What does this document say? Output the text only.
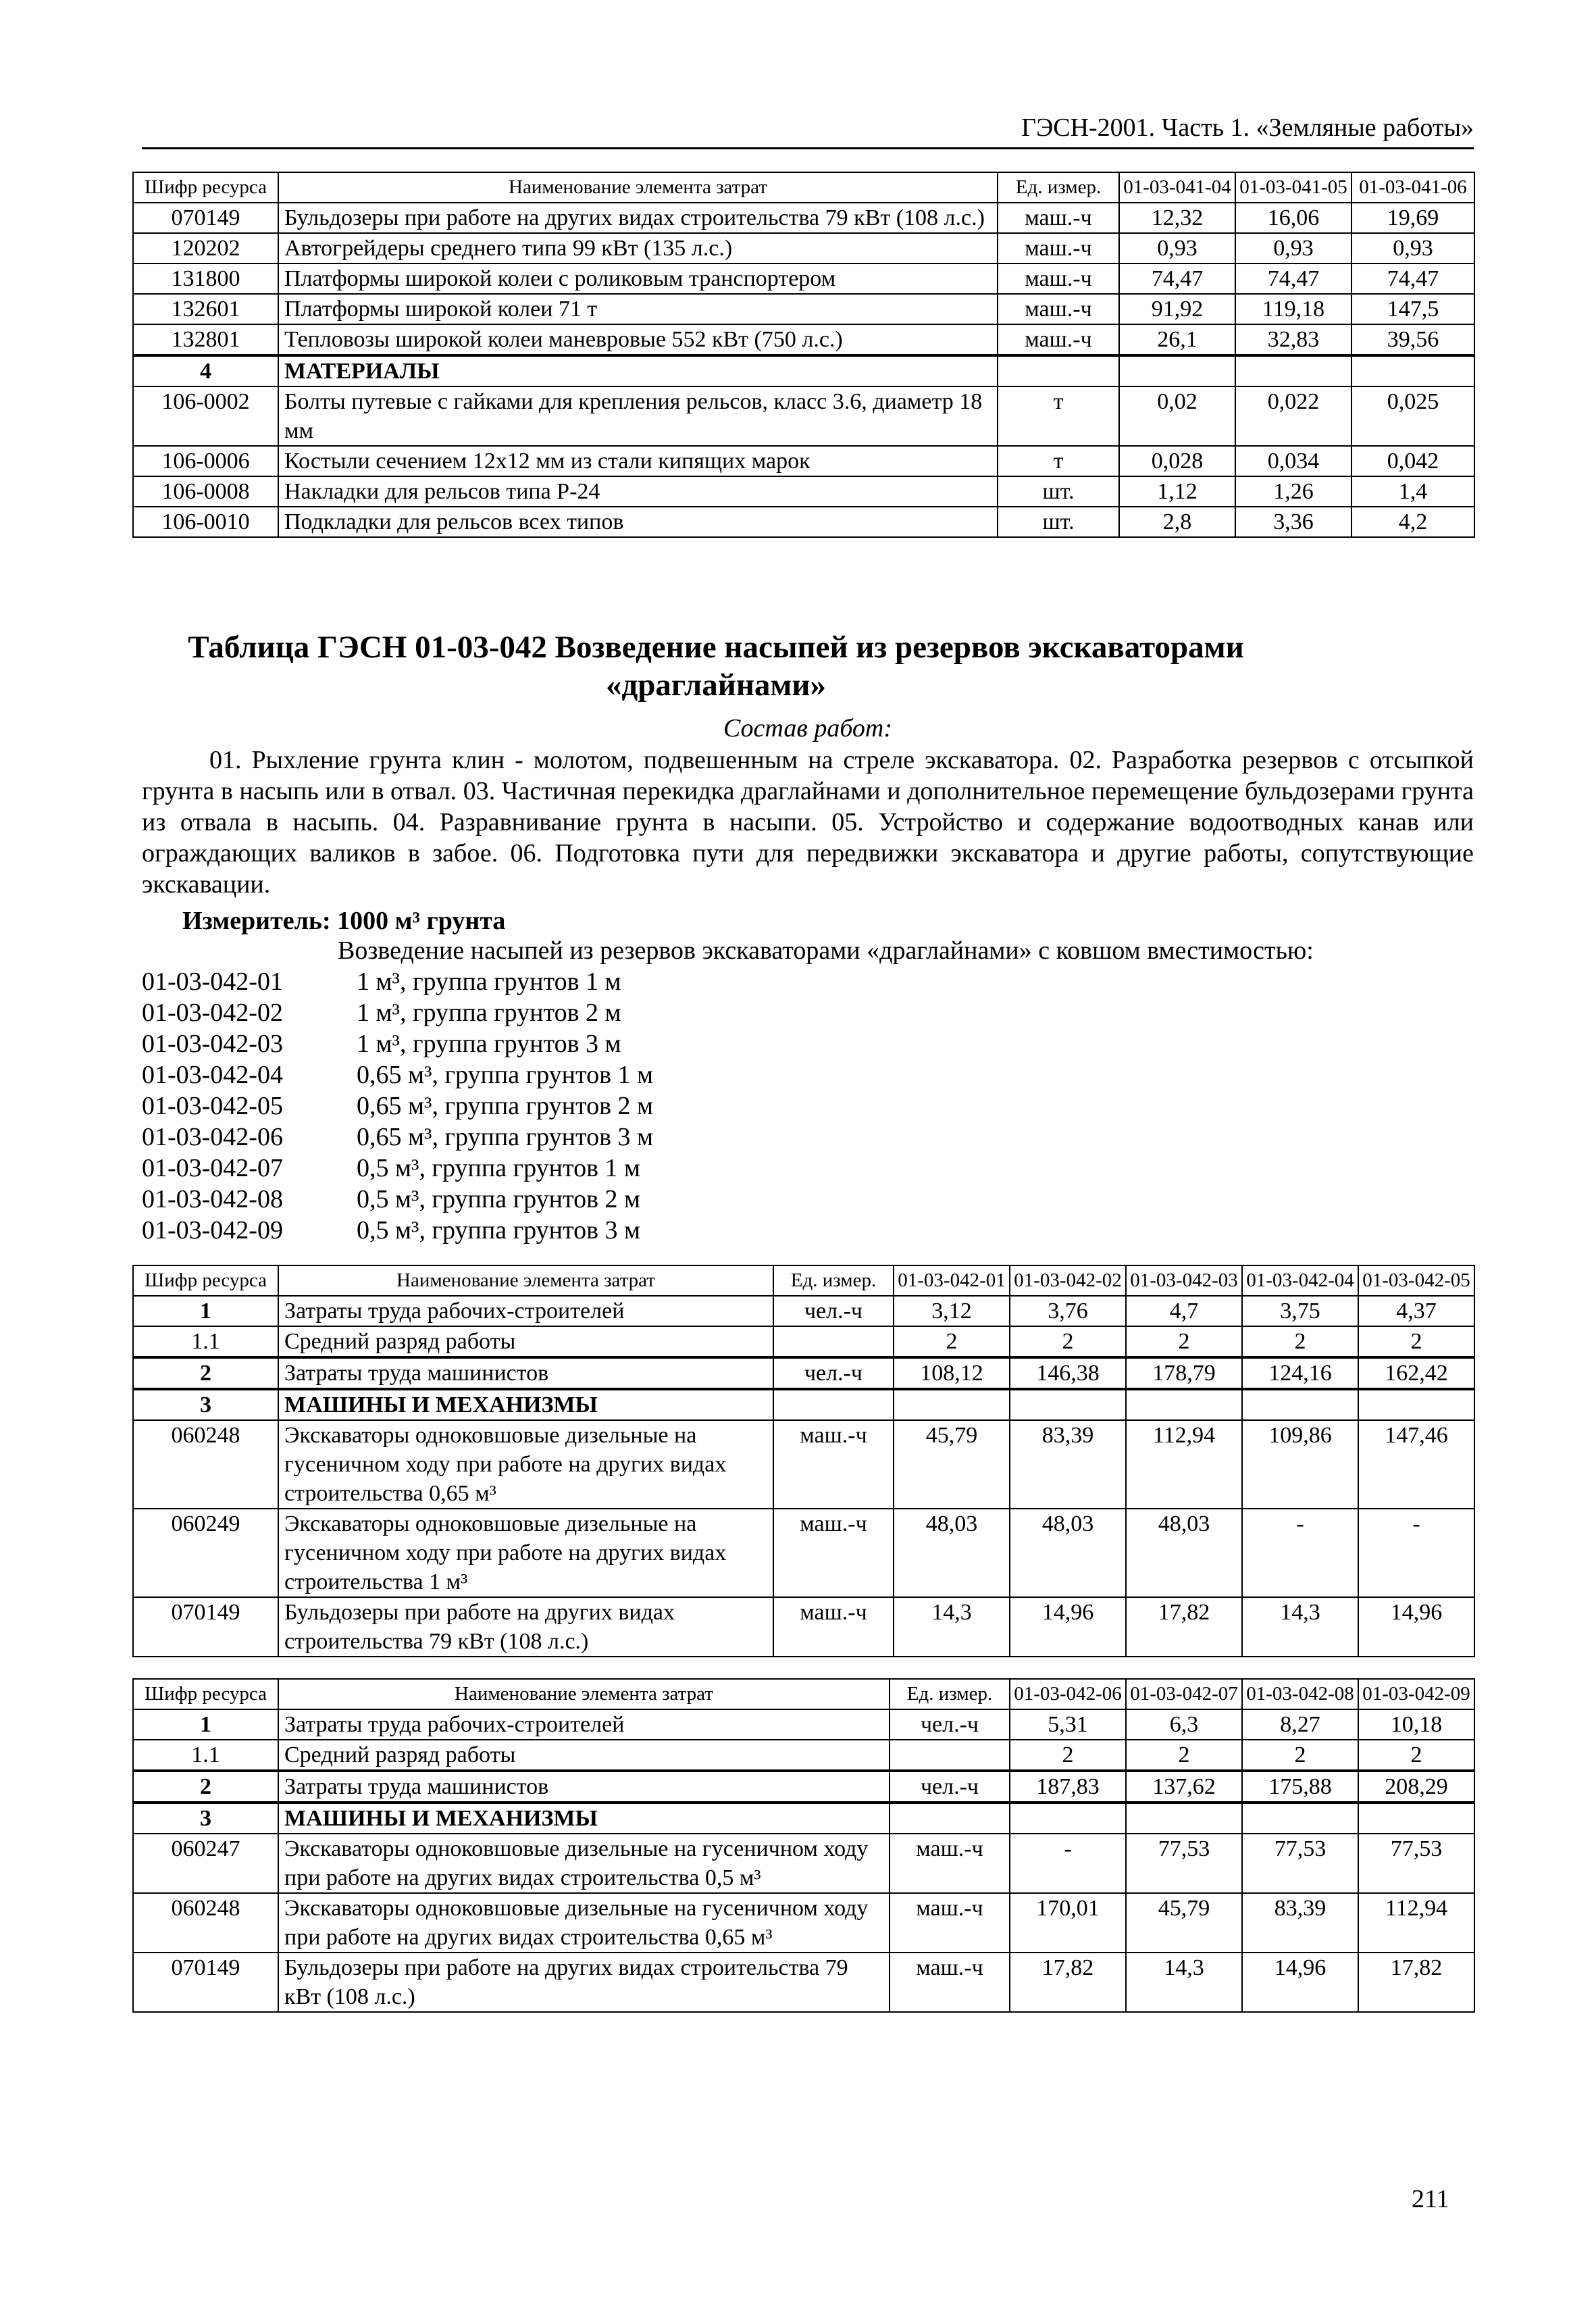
ГЭСН-2001. Часть 1. «Земляные работы»
Шифр ресурса	Наименование элемента затрат	Ед. измер.	01-03-041-04	01-03-041-05	01-03-041-06
070149	Бульдозеры при работе на других видах строительства 79 кВт (108 л.с.)	маш.-ч	12,32	16,06	19,69
120202	Автогрейдеры среднего типа 99 кВт (135 л.с.)	маш.-ч	0,93	0,93	0,93
131800	Платформы широкой колеи с роликовым транспортером	маш.-ч	74,47	74,47	74,47
132601	Платформы широкой колеи 71 т	маш.-ч	91,92	119,18	147,5
132801	Тепловозы широкой колеи маневровые 552 кВт (750 л.с.)	маш.-ч	26,1	32,83	39,56
4	МАТЕРИАЛЫ				
106-0002	Болты путевые с гайками для крепления рельсов, класс 3.6, диаметр 18 мм	т	0,02	0,022	0,025
106-0006	Костыли сечением 12x12 мм из стали кипящих марок	т	0,028	0,034	0,042
106-0008	Накладки для рельсов типа Р-24	шт.	1,12	1,26	1,4
106-0010	Подкладки для рельсов всех типов	шт.	2,8	3,36	4,2
Таблица ГЭСН 01-03-042 Возведение насыпей из резервов экскаваторами
«драглайнами»
Состав работ:
01. Рыхление грунта клин - молотом, подвешенным на стреле экскаватора. 02. Разработка резервов с отсыпкой грунта в насыпь или в отвал. 03. Частичная перекидка драглайнами и дополнительное перемещение бульдозерами грунта из отвала в насыпь. 04. Разравнивание грунта в насыпи. 05. Устройство и содержание водоотводных канав или ограждающих валиков в забое. 06. Подготовка пути для передвижки экскаватора и другие работы, сопутствующие экскавации.
Измеритель: 1000 м³ грунта
Возведение насыпей из резервов экскаваторами «драглайнами» с ковшом вместимостью:
01-03-042-01	1 м³, группа грунтов 1 м
01-03-042-02	1 м³, группа грунтов 2 м
01-03-042-03	1 м³, группа грунтов 3 м
01-03-042-04	0,65 м³, группа грунтов 1 м
01-03-042-05	0,65 м³, группа грунтов 2 м
01-03-042-06	0,65 м³, группа грунтов 3 м
01-03-042-07	0,5 м³, группа грунтов 1 м
01-03-042-08	0,5 м³, группа грунтов 2 м
01-03-042-09	0,5 м³, группа грунтов 3 м
Шифр ресурса	Наименование элемента затрат	Ед. измер.	01-03-042-01	01-03-042-02	01-03-042-03	01-03-042-04	01-03-042-05
1	Затраты труда рабочих-строителей	чел.-ч	3,12	3,76	4,7	3,75	4,37
1.1	Средний разряд работы		2	2	2	2	2
2	Затраты труда машинистов	чел.-ч	108,12	146,38	178,79	124,16	162,42
3	МАШИНЫ И МЕХАНИЗМЫ						
060248	Экскаваторы одноковшовые дизельные на гусеничном ходу при работе на других видах строительства 0,65 м³	маш.-ч	45,79	83,39	112,94	109,86	147,46
060249	Экскаваторы одноковшовые дизельные на гусеничном ходу при работе на других видах строительства 1 м³	маш.-ч	48,03	48,03	48,03	-	-
070149	Бульдозеры при работе на других видах строительства 79 кВт (108 л.с.)	маш.-ч	14,3	14,96	17,82	14,3	14,96
Шифр ресурса	Наименование элемента затрат	Ед. измер.	01-03-042-06	01-03-042-07	01-03-042-08	01-03-042-09
1	Затраты труда рабочих-строителей	чел.-ч	5,31	6,3	8,27	10,18
1.1	Средний разряд работы		2	2	2	2
2	Затраты труда машинистов	чел.-ч	187,83	137,62	175,88	208,29
3	МАШИНЫ И МЕХАНИЗМЫ					
060247	Экскаваторы одноковшовые дизельные на гусеничном ходу при работе на других видах строительства 0,5 м³	маш.-ч	-	77,53	77,53	77,53
060248	Экскаваторы одноковшовые дизельные на гусеничном ходу при работе на других видах строительства 0,65 м³	маш.-ч	170,01	45,79	83,39	112,94
070149	Бульдозеры при работе на других видах строительства 79 кВт (108 л.с.)	маш.-ч	17,82	14,3	14,96	17,82
211
